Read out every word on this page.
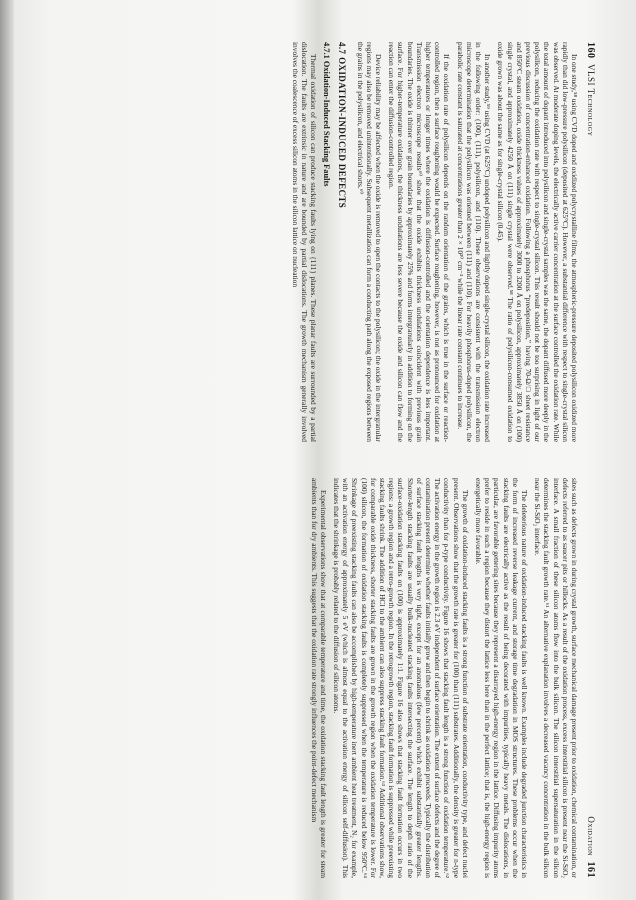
160  VLSI Technology

In one study,⁵⁸ using CVD doped and oxidized polycrystalline films, the atmospheric-pressure deposited polysilicon oxidized more rapidly than did low-pressure polysilicon (deposited at 625°C). However, a substantial difference with respect to single-crystal silicon was observed. At moderate doping levels, the electrically active carrier concentration at the surface controlled the oxidation rate. While the total amount of dopant introduced into polysilicon and single-crystal samples was the same, the dopant diffused more deeply in the polysilicon, reducing the oxidation rate with respect to single-crystal silicon. This result should not be too surprising in light of our previous discussion of concentration-enhanced oxidation. Following a phosphorus “predeposition,” having 70-Ω/□ sheet resistance and 850°C steam oxidation, oxide thickness values of approximately 3000 to 3200 Å on polysilicon, approximately 3850 Å on (100) single crystal, and approximately 4250 Å on (111) single crystal were observed.⁵⁸ The ratio of polysilicon-consumed oxidation to oxide grown was about the same as for single-crystal silicon (0.45).

In another study,⁵⁹ using CVD (at 625°C) undoped polysilicon and lightly doped single-crystal silicon, the oxidation rate increased in the following order: (100), (111), polysilicon, and (110). These observations are consistent with the transmission electron microscope determination that the polysilicon was oriented between (111) and (110). For heavily phosphorus-doped polysilicon, the parabolic rate constant is saturated at concentrations greater than 2 × 10²⁰ cm⁻³ while the linear rate constant continues to increase.

If the oxidation rate of polysilicon depends on the random orientation of the grains, which is true in the surface or reaction-controlled region, then a surface roughening would be expected. Surface roughening, however, is not as pronounced for oxidation at higher temperatures or longer times where the oxidation is diffusion-controlled and the orientation dependence is less important. Transmission electron microscope results⁶⁰ show that the oxide exhibits thickness undulations coincident with previous grain boundaries. The oxide is thinner over grain boundaries by approximately 25% and forms intergranularly in addition to forming on the surface. For higher-temperature oxidations, the thickness undulations are less severe because the oxide and silicon can flow and the reaction can enter the diffusion-controlled region.

Device reliability may be affected when the oxide is removed to open the contacts to the polysilicon; the oxide in the intergranular regions may also be removed unintentionally. Subsequent metallization can form a conducting path along the exposed regions between the grains in the polysilicon, and electrical shorts.⁶⁰

4.7 OXIDATION-INDUCED DEFECTS
4.7.1 Oxidation-Induced Stacking Faults

Thermal oxidation of silicon can produce stacking faults lying on {111} planes. These planar faults are surrounded by a partial dislocation. The faults are extrinsic in nature and are bounded by partial dislocations. The growth mechanism generally involved involves the coalescence of excess silicon atoms in the silicon lattice on nucleation

Oxidation  161

sites such as defects grown in during crystal growth, surface mechanical damage present prior to oxidation, chemical contamination, or defects referred to as saucer pits or hillocks. As a result of the oxidation process, excess interstitial silicon is present near the Si-SiO₂ interface. A small fraction of these silicon atoms flow into the bulk silicon. The silicon interstitial supersaturation in the silicon determines the stacking fault growth rate.⁶¹ An alternative explanation involves a decreased vacancy concentration in the bulk silicon near the Si-SiO₂ interface.

The deleterious nature of oxidation-induced stacking faults is well known. Examples include degraded junction characteristics in the form of increased reverse leakage current, and storage time degradation in MOS structures. These problems occur when the stacking faults are electrically active as the result of being decorated with impurities, typically heavy metals. The dislocations, in particular, are favorable gettering sites because they represent a disarrayed high-energy region in the lattice. Diffusing impurity atoms prefer to reside in such a region because they distort the lattice less here than in the perfect lattice; that is, the high-energy region is energetically more favorable.

The growth of oxidation-induced stacking faults is a strong function of substrate orientation, conductivity type, and defect nuclei present. Observations show that the growth rate is greater for (100) than (111) substrates. Additionally, the density is greater for n-type conductivity than for p-type conductivity. Figure 16 shows that stacking fault length is a strong function of oxidation temperature.⁶² The activation energy in the growth region is 2.3 eV independent of surface orientation. The extent of surface defects and the degree of contamination present determine whether faults initially grow and then begin to shrink as oxidation proceeds. Typically the distribution of surface stacking fault lengths is very tight, except for an anomalous (few percent) which exhibit substantially greater lengths. Shorter-length stacking faults are usually bulk-nucleated stacking faults intersecting the surface. The length to depth ratio of the surface-oxidation stacking faults on (100) is approximately 1:1. Figure 16 also shows that stacking fault formation occurs in two regions: a growth region and a retro-growth region. In the retrogrowth region, stacking fault formation is suppressed while preexisting stacking faults shrink. The addition of HCl to the ambient can also suppress stacking fault formation.⁶³ Additional observations show, for comparable oxide thickness, shorter stacking faults are grown in the growth region when the oxidation temperature is lower. For (100) silicon, the formation of oxidation stacking faults is completely suppressed when the temperature is reduced below 950°C.⁶⁴ Shrinkage of preexisting stacking faults can also be accomplished by high-temperature inert ambient heat treatment, N₂ for example, with an activation energy of approximately 5 eV (which is almost equal to the activation energy of silicon self-diffusion). This indicates that the shrinkage is probably related to the diffusion of silicon atoms.

Experimental observations show that at comparable temperature and time, the oxidation stacking fault length is greater for steam ambients than for dry ambients. This suggests that the oxidation rate strongly influences the point-defect mechanism
